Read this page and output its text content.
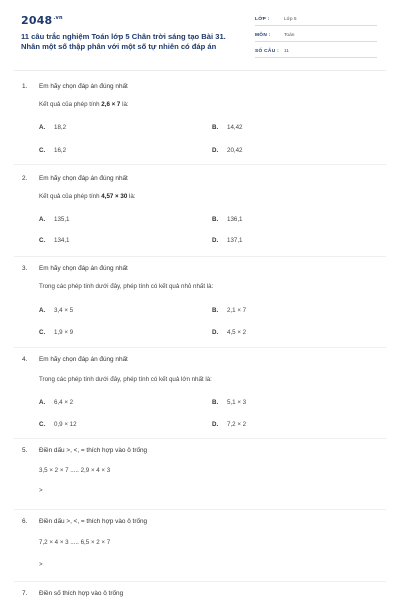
$2048^{.vn}$
11 câu trắc nghiệm Toán lớp 5 Chân trời sáng tạo Bài 31. Nhân một số thập phân với một số tự nhiên có đáp án
LỚP :	Lớp 5
MÔN :	Toán
SỐ CÂU : 11
1. Em hãy chọn đáp án đúng nhất
Kết quả của phép tính 2,6 × 7 là:
A. 18,2	B. 14,42
C. 16,2	D. 20,42
2. Em hãy chọn đáp án đúng nhất
Kết quả của phép tính 4,57 × 30 là:
A. 135,1	B. 136,1
C. 134,1	D. 137,1
3. Em hãy chọn đáp án đúng nhất
Trong các phép tính dưới đây, phép tính có kết quả nhỏ nhất là:
A. 3,4 × 5	B. 2,1 × 7
C. 1,9 × 9	D. 4,5 × 2
4. Em hãy chọn đáp án đúng nhất
Trong các phép tính dưới đây, phép tính có kết quả lớn nhất là:
A. 6,4 × 2	B. 5,1 × 3
C. 0,9 × 12	D. 7,2 × 2
5. Điền dấu >, <, = thích hợp vào ô trống
3,5 × 2 × 7 ..... 2,9 × 4 × 3
>
6. Điền dấu >, <, = thích hợp vào ô trống
7,2 × 4 × 3 ..... 6,5 × 2 × 7
>
7. Điền số thích hợp vào ô trống
